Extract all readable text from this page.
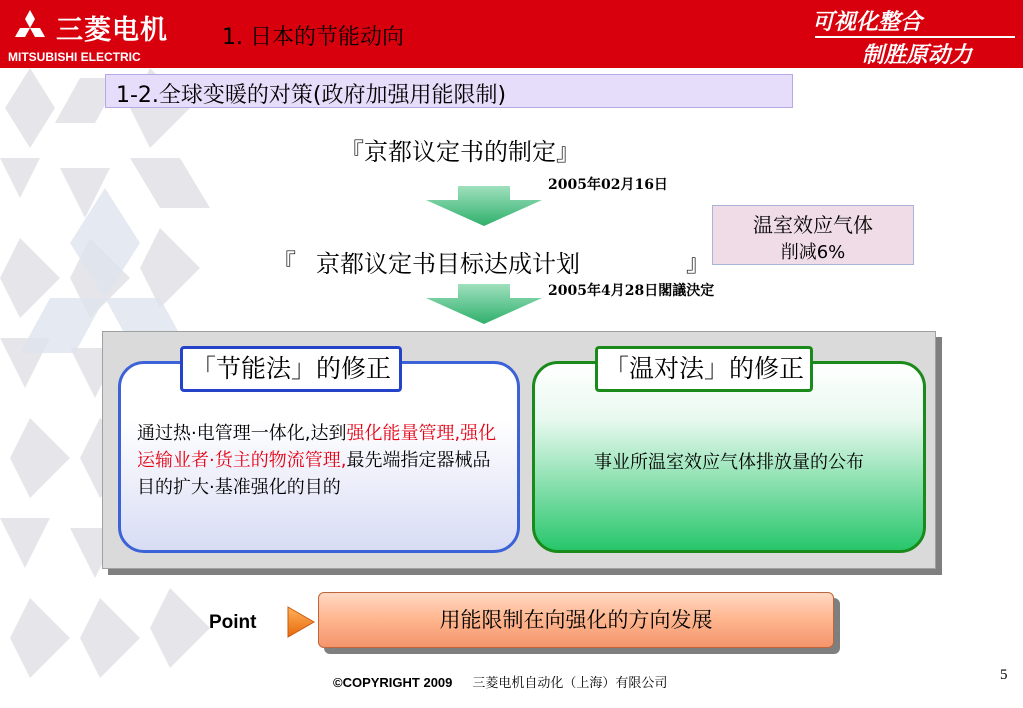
三菱电机
MITSUBISHI ELECTRIC
1. 日本的节能动向
可视化整合
制胜原动力
1-2.全球变暖的对策(政府加强用能限制)
『京都议定书的制定』
2005年02月16日
温室效应气体
削减6%
『 京都议定书目标达成计划	』
2005年4月28日閣議決定
「节能法」的修正	「温对法」的修正
通过热·电管理一体化,达到强化能量管理,强化运输业者·货主的物流管理,最先端指定器械品目的扩大·基准强化的目的
事业所温室效应气体排放量的公布
Point	用能限制在向强化的方向发展
©COPYRIGHT 2009 三菱电机自动化（上海）有限公司
5
